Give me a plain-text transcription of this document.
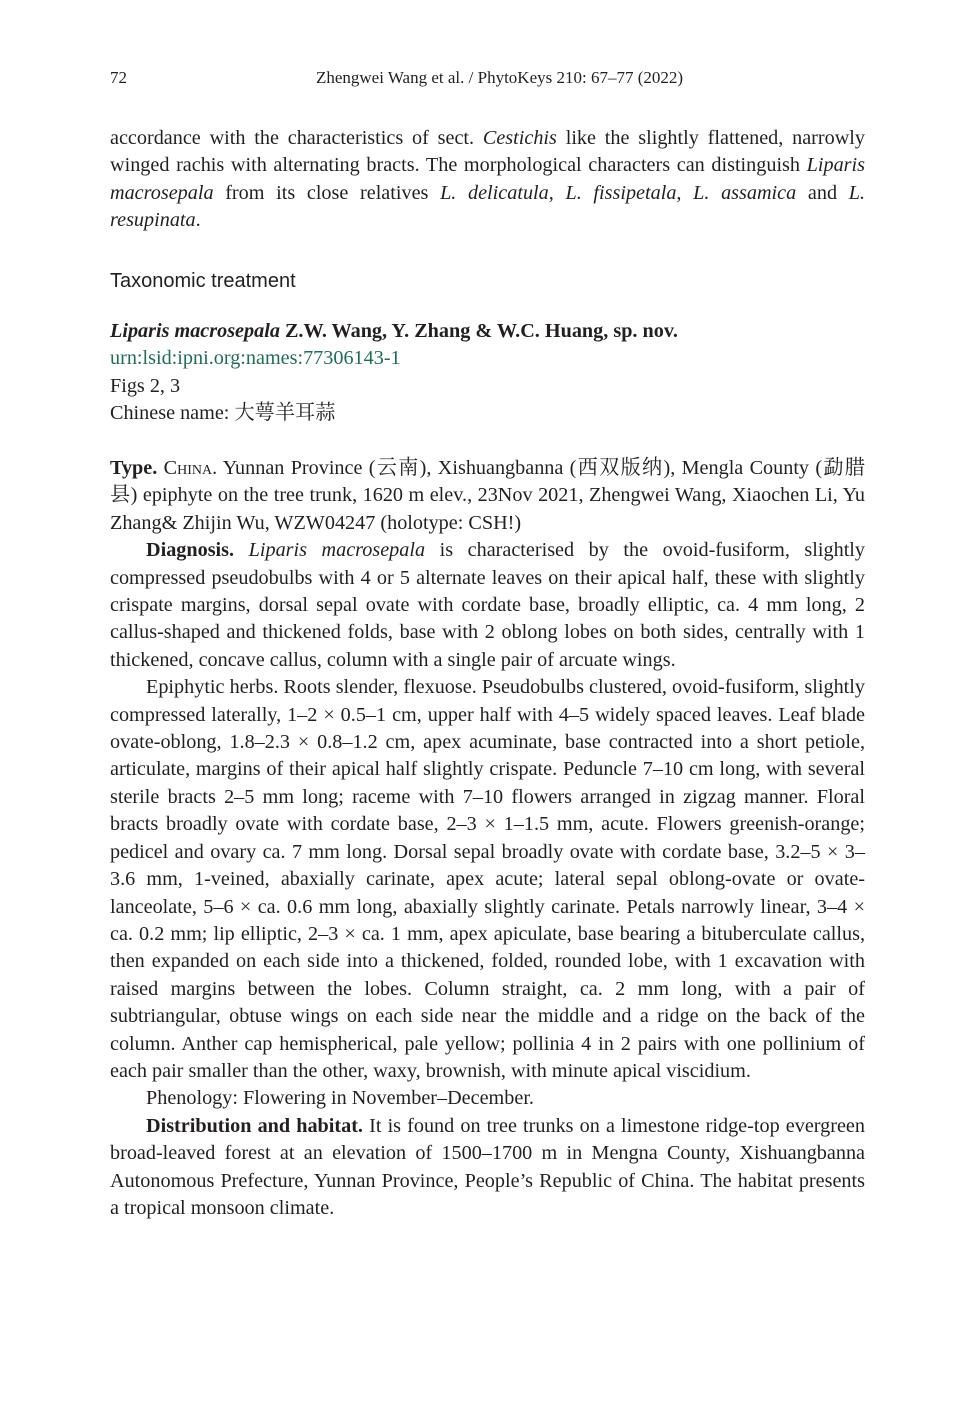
72	Zhengwei Wang et al. / PhytoKeys 210: 67–77 (2022)

accordance with the characteristics of sect. Cestichis like the slightly flattened, narrowly winged rachis with alternating bracts. The morphological characters can distinguish Liparis macrosepala from its close relatives L. delicatula, L. fissipetala, L. assamica and L. resupinata.

Taxonomic treatment
Liparis macrosepala Z.W. Wang, Y. Zhang & W.C. Huang, sp. nov.
urn:lsid:ipni.org:names:77306143-1
Figs 2, 3
Chinese name: 大萼羊耳蒜

Type. China. Yunnan Province (云南), Xishuangbanna (西双版纳), Mengla County (勐腊县) epiphyte on the tree trunk, 1620 m elev., 23Nov 2021, Zhengwei Wang, Xiaochen Li, Yu Zhang& Zhijin Wu, WZW04247 (holotype: CSH!)

Diagnosis. Liparis macrosepala is characterised by the ovoid-fusiform, slightly compressed pseudobulbs with 4 or 5 alternate leaves on their apical half, these with slightly crispate margins, dorsal sepal ovate with cordate base, broadly elliptic, ca. 4 mm long, 2 callus-shaped and thickened folds, base with 2 oblong lobes on both sides, centrally with 1 thickened, concave callus, column with a single pair of arcuate wings.

Epiphytic herbs. Roots slender, flexuose. Pseudobulbs clustered, ovoid-fusiform, slightly compressed laterally, 1–2 × 0.5–1 cm, upper half with 4–5 widely spaced leaves. Leaf blade ovate-oblong, 1.8–2.3 × 0.8–1.2 cm, apex acuminate, base contracted into a short petiole, articulate, margins of their apical half slightly crispate. Peduncle 7–10 cm long, with several sterile bracts 2–5 mm long; raceme with 7–10 flowers arranged in zigzag manner. Floral bracts broadly ovate with cordate base, 2–3 × 1–1.5 mm, acute. Flowers greenish-orange; pedicel and ovary ca. 7 mm long. Dorsal sepal broadly ovate with cordate base, 3.2–5 × 3–3.6 mm, 1-veined, abaxially carinate, apex acute; lateral sepal oblong-ovate or ovate-lanceolate, 5–6 × ca. 0.6 mm long, abaxially slightly carinate. Petals narrowly linear, 3–4 × ca. 0.2 mm; lip elliptic, 2–3 × ca. 1 mm, apex apiculate, base bearing a bituberculate callus, then expanded on each side into a thickened, folded, rounded lobe, with 1 excavation with raised margins between the lobes. Column straight, ca. 2 mm long, with a pair of subtriangular, obtuse wings on each side near the middle and a ridge on the back of the column. Anther cap hemispherical, pale yellow; pollinia 4 in 2 pairs with one pollinium of each pair smaller than the other, waxy, brownish, with minute apical viscidium.

Phenology: Flowering in November–December.

Distribution and habitat. It is found on tree trunks on a limestone ridge-top evergreen broad-leaved forest at an elevation of 1500–1700 m in Mengna County, Xishuangbanna Autonomous Prefecture, Yunnan Province, People’s Republic of China. The habitat presents a tropical monsoon climate.
